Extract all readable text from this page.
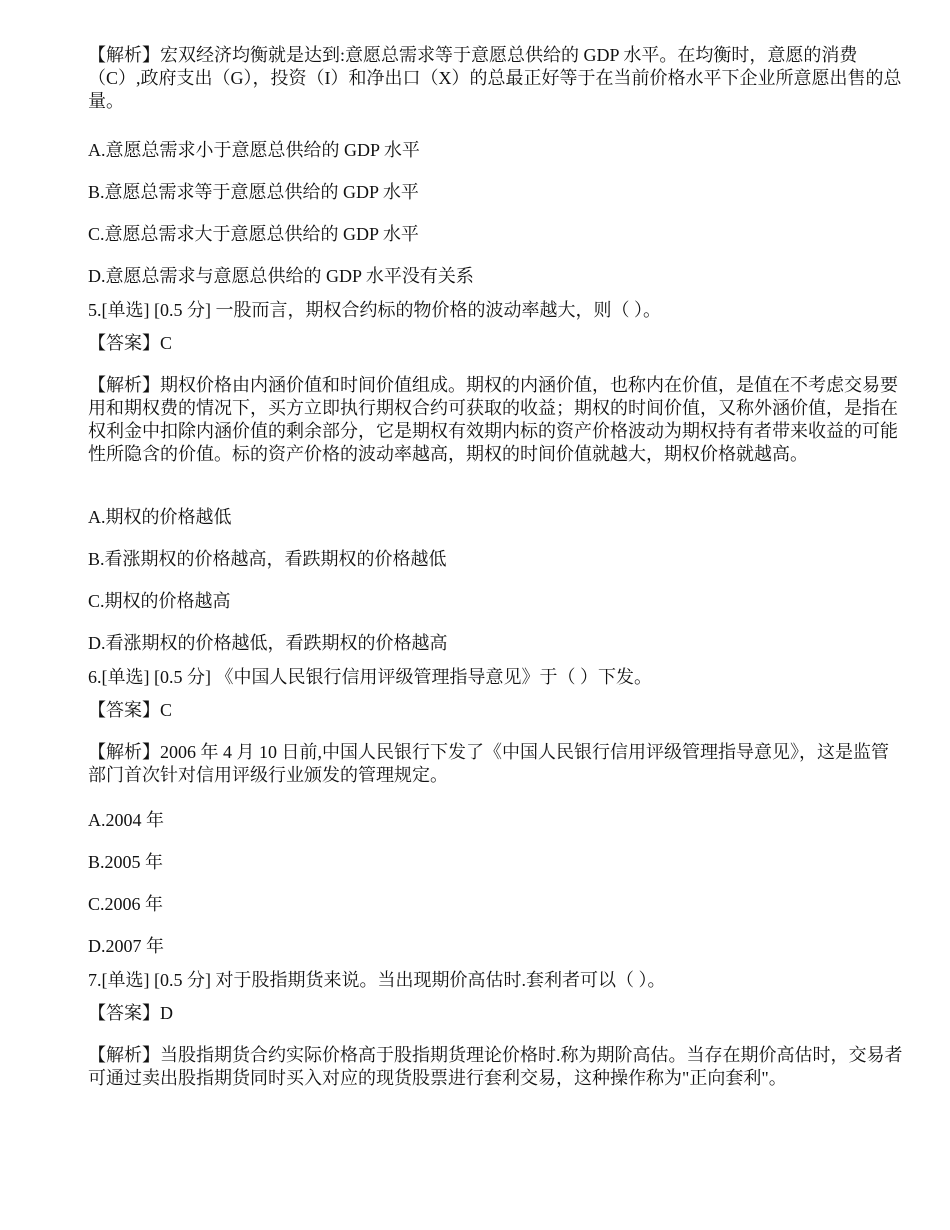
【解析】宏双经济均衡就是达到:意愿总需求等于意愿总供给的 GDP 水平。在均衡时，意愿的消费（C）,政府支出（G），投资（I）和净出口（X）的总最正好等于在当前价格水平下企业所意愿出售的总量。

A.意愿总需求小于意愿总供给的 GDP 水平
B.意愿总需求等于意愿总供给的 GDP 水平
C.意愿总需求大于意愿总供给的 GDP 水平
D.意愿总需求与意愿总供给的 GDP 水平没有关系
5.[单选] [0.5 分] 一股而言，期权合约标的物价格的波动率越大，则（ ）。
【答案】C

【解析】期权价格由内涵价值和时间价值组成。期权的内涵价值，也称内在价值，是值在不考虑交易要用和期权费的情况下，买方立即执行期权合约可获取的收益；期权的时间价值，又称外涵价值，是指在权利金中扣除内涵价值的剩余部分，它是期权有效期内标的资产价格波动为期权持有者带来收益的可能性所隐含的价值。标的资产价格的波动率越高，期权的时间价值就越大，期权价格就越高。

A.期权的价格越低
B.看涨期权的价格越高，看跌期权的价格越低
C.期权的价格越高
D.看涨期权的价格越低，看跌期权的价格越高
6.[单选] [0.5 分] 《中国人民银行信用评级管理指导意见》于（ ）下发。
【答案】C

【解析】2006 年 4 月 10 日前,中国人民银行下发了《中国人民银行信用评级管理指导意见》，这是监管部门首次针对信用评级行业颁发的管理规定。

A.2004 年
B.2005 年
C.2006 年
D.2007 年
7.[单选] [0.5 分] 对于股指期货来说。当出现期价高估时.套利者可以（ ）。
【答案】D

【解析】当股指期货合约实际价格高于股指期货理论价格时.称为期阶高估。当存在期价高估时，交易者可通过卖出股指期货同时买入对应的现货股票进行套利交易，这种操作称为"正向套利"。
